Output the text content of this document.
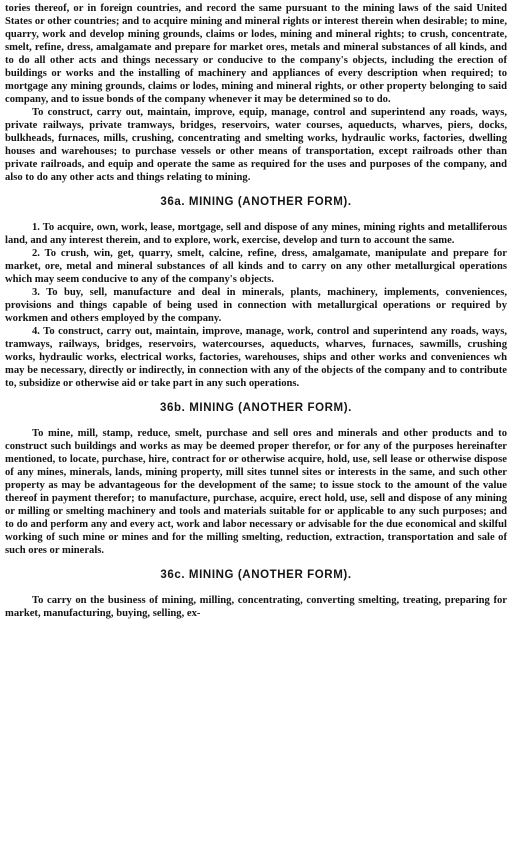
tories thereof, or in foreign countries, and record the same pursuant to the mining laws of the said United States or other countries; and to acquire mining and mineral rights or interest therein when desirable; to mine, quarry, work and develop mining grounds, claims or lodes, mining and mineral rights; to crush, concentrate, smelt, refine, dress, amalgamate and prepare for market ores, metals and mineral substances of all kinds, and to do all other acts and things necessary or conducive to the company's objects, including the erection of buildings or works and the installing of machinery and appliances of every description when required; to mortgage any mining grounds, claims or lodes, mining and mineral rights, or other property belonging to said company, and to issue bonds of the company whenever it may be determined so to do.

To construct, carry out, maintain, improve, equip, manage, control and superintend any roads, ways, private railways, private tramways, bridges, reservoirs, water courses, aqueducts, wharves, piers, docks, bulkheads, furnaces, mills, crushing, concentrating and smelting works, hydraulic works, factories, dwelling houses and warehouses; to purchase vessels or other means of transportation, except railroads other than private railroads, and equip and operate the same as required for the uses and purposes of the company, and also to do any other acts and things relating to mining.

36a. MINING (ANOTHER FORM).

1. To acquire, own, work, lease, mortgage, sell and dispose of any mines, mining rights and metalliferous land, and any interest therein, and to explore, work, exercise, develop and turn to account the same.

2. To crush, win, get, quarry, smelt, calcine, refine, dress, amalgamate, manipulate and prepare for market, ore, metal and mineral substances of all kinds and to carry on any other metallurgical operations which may seem conducive to any of the company's objects.

3. To buy, sell, manufacture and deal in minerals, plants, machinery, implements, conveniences, provisions and things capable of being used in connection with metallurgical operations or required by workmen and others employed by the company.

4. To construct, carry out, maintain, improve, manage, work, control and superintend any roads, ways, tramways, railways, bridges, reservoirs, watercourses, aqueducts, wharves, furnaces, sawmills, crushing works, hydraulic works, electrical works, factories, warehouses, ships and other works and conveniences wh may be necessary, directly or indirectly, in connection with any of the objects of the company and to contribute to, subsidize or otherwise aid or take part in any such operations.

36b. MINING (ANOTHER FORM).

To mine, mill, stamp, reduce, smelt, purchase and sell ores and minerals and other products and to construct such buildings and works as may be deemed proper therefor, or for any of the purposes hereinafter mentioned, to locate, purchase, hire, contract for or otherwise acquire, hold, use, sell lease or otherwise dispose of any mines, minerals, lands, mining property, mill sites tunnel sites or interests in the same, and such other property as may be advantageous for the development of the same; to issue stock to the amount of the value thereof in payment therefor; to manufacture, purchase, acquire, erect hold, use, sell and dispose of any mining or milling or smelting machinery and tools and materials suitable for or applicable to any such purposes; and to do and perform any and every act, work and labor necessary or advisable for the due economical and skilful working of such mine or mines and for the milling smelting, reduction, extraction, transportation and sale of such ores or minerals.

36c. MINING (ANOTHER FORM).

To carry on the business of mining, milling, concentrating, converting smelting, treating, preparing for market, manufacturing, buying, selling, ex-
